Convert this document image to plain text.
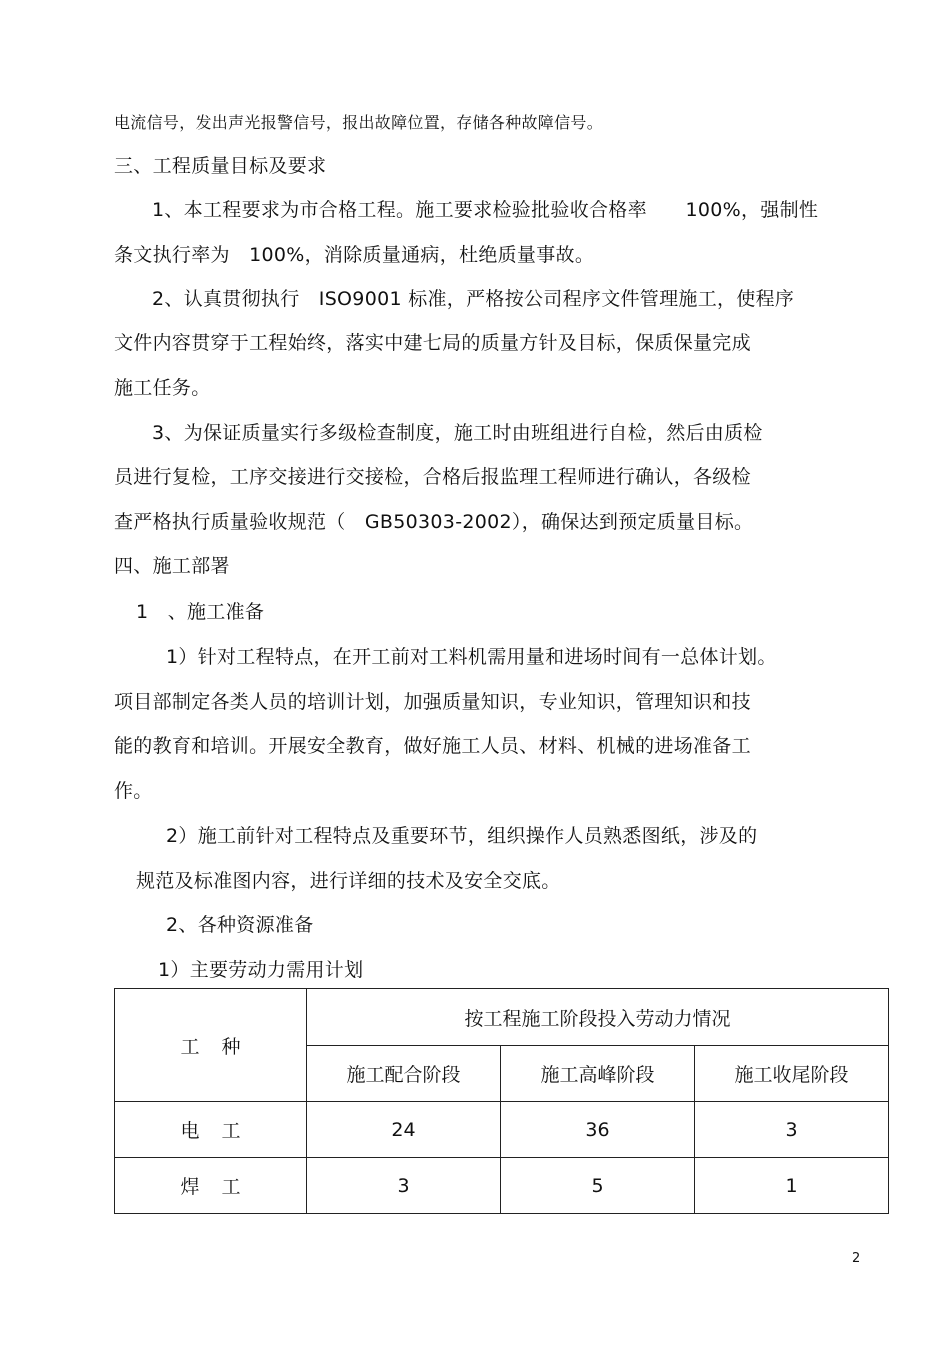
电流信号，发出声光报警信号，报出故障位置，存储各种故障信号。
三、工程质量目标及要求
1、本工程要求为市合格工程。施工要求检验批验收合格率　　100%，强制性
条文执行率为　100%，消除质量通病，杜绝质量事故。
2、认真贯彻执行　ISO9001 标准，严格按公司程序文件管理施工，使程序
文件内容贯穿于工程始终，落实中建七局的质量方针及目标，保质保量完成
施工任务。
3、为保证质量实行多级检查制度，施工时由班组进行自检，然后由质检
员进行复检，工序交接进行交接检，合格后报监理工程师进行确认，各级检
查严格执行质量验收规范（　GB50303-2002），确保达到预定质量目标。
四、施工部署
1　、施工准备
1）针对工程特点，在开工前对工料机需用量和进场时间有一总体计划。
项目部制定各类人员的培训计划，加强质量知识，专业知识，管理知识和技
能的教育和培训。开展安全教育，做好施工人员、材料、机械的进场准备工
作。
2）施工前针对工程特点及重要环节，组织操作人员熟悉图纸，涉及的
规范及标准图内容，进行详细的技术及安全交底。
2、各种资源准备
1）主要劳动力需用计划
工种	按工程施工阶段投入劳动力情况		
	施工配合阶段	施工高峰阶段	施工收尾阶段
电工	24	36	3
焊工	3	5	1
2
